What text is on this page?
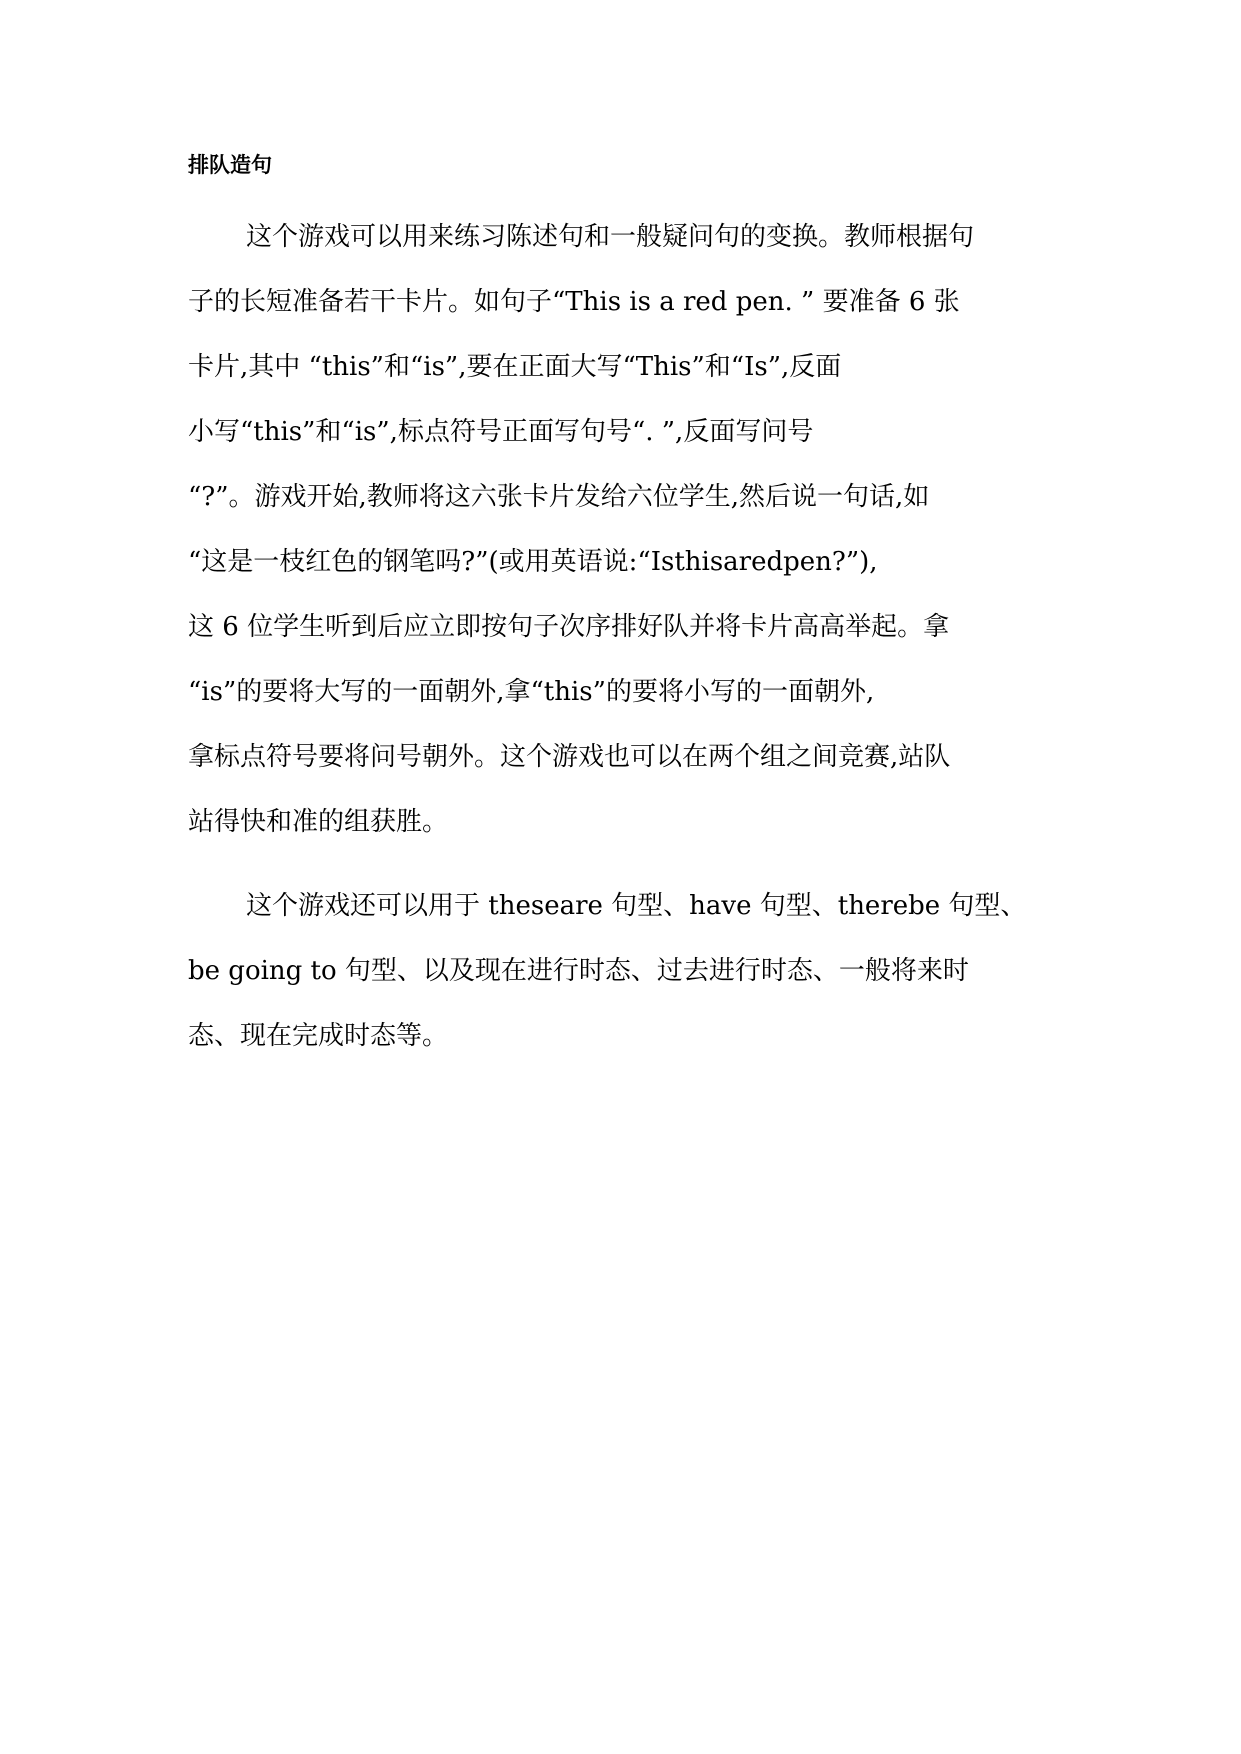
排队造句
这个游戏可以用来练习陈述句和一般疑问句的变换。教师根据句
子的长短准备若干卡片。如句子“This is a red pen. ” 要准备 6 张
卡片,其中 “this”和“is”,要在正面大写“This”和“Is”,反面
小写“this”和“is”,标点符号正面写句号“. ”,反面写问号
“?”。游戏开始,教师将这六张卡片发给六位学生,然后说一句话,如
“这是一枝红色的钢笔吗?”(或用英语说:“Isthisaredpen?”),
这 6 位学生听到后应立即按句子次序排好队并将卡片高高举起。拿
“is”的要将大写的一面朝外,拿“this”的要将小写的一面朝外,
拿标点符号要将问号朝外。这个游戏也可以在两个组之间竞赛,站队
站得快和准的组获胜。
这个游戏还可以用于 theseare 句型、have 句型、therebe 句型、
be going to 句型、以及现在进行时态、过去进行时态、一般将来时
态、现在完成时态等。
